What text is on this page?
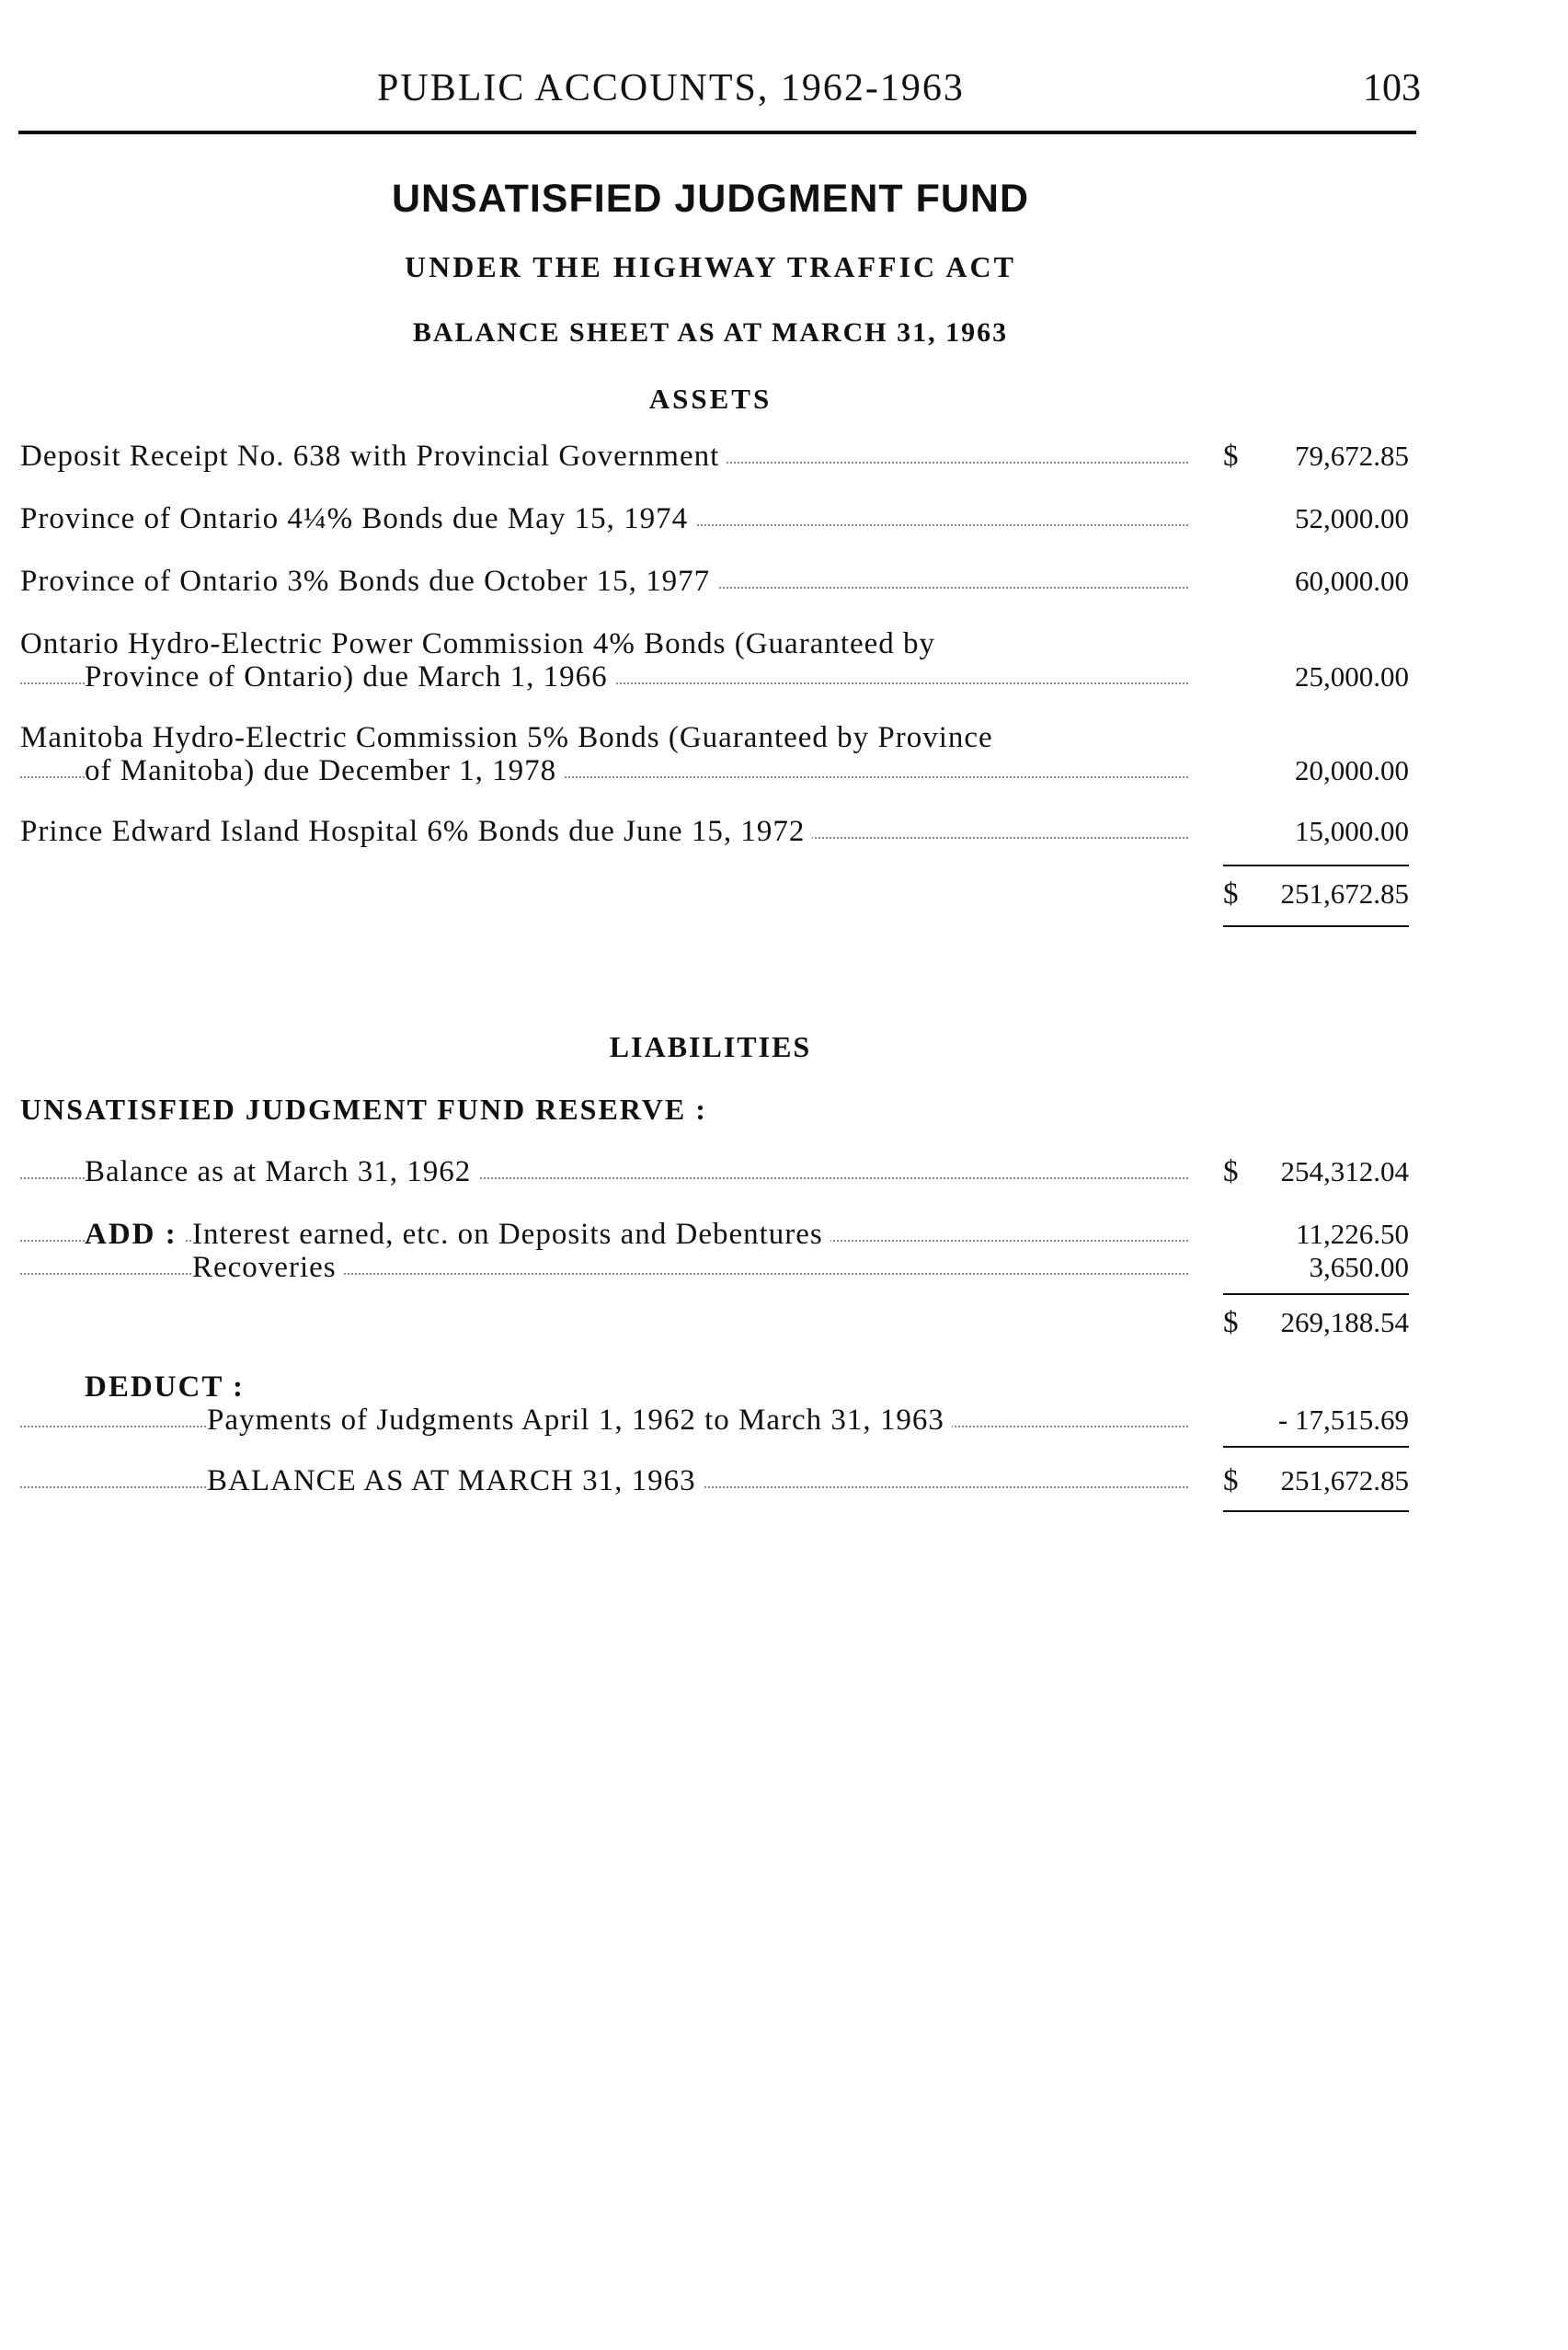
PUBLIC ACCOUNTS, 1962-1963	103
UNSATISFIED JUDGMENT FUND
UNDER THE HIGHWAY TRAFFIC ACT
BALANCE SHEET AS AT MARCH 31, 1963
ASSETS
Deposit Receipt No. 638 with Provincial Government	$ 79,672.85
Province of Ontario 4¼% Bonds due May 15, 1974	52,000.00
Province of Ontario 3% Bonds due October 15, 1977	60,000.00
Ontario Hydro-Electric Power Commission 4% Bonds (Guaranteed by
Province of Ontario) due March 1, 1966	25,000.00
Manitoba Hydro-Electric Commission 5% Bonds (Guaranteed by Province
of Manitoba) due December 1, 1978	20,000.00
Prince Edward Island Hospital 6% Bonds due June 15, 1972	15,000.00
$ 251,672.85
LIABILITIES
UNSATISFIED JUDGMENT FUND RESERVE :
Balance as at March 31, 1962	$ 254,312.04
ADD : Interest earned, etc. on Deposits and Debentures	11,226.50
Recoveries	3,650.00
$ 269,188.54
DEDUCT :
Payments of Judgments April 1, 1962 to March 31, 1963	- 17,515.69
BALANCE AS AT MARCH 31, 1963	$ 251,672.85
